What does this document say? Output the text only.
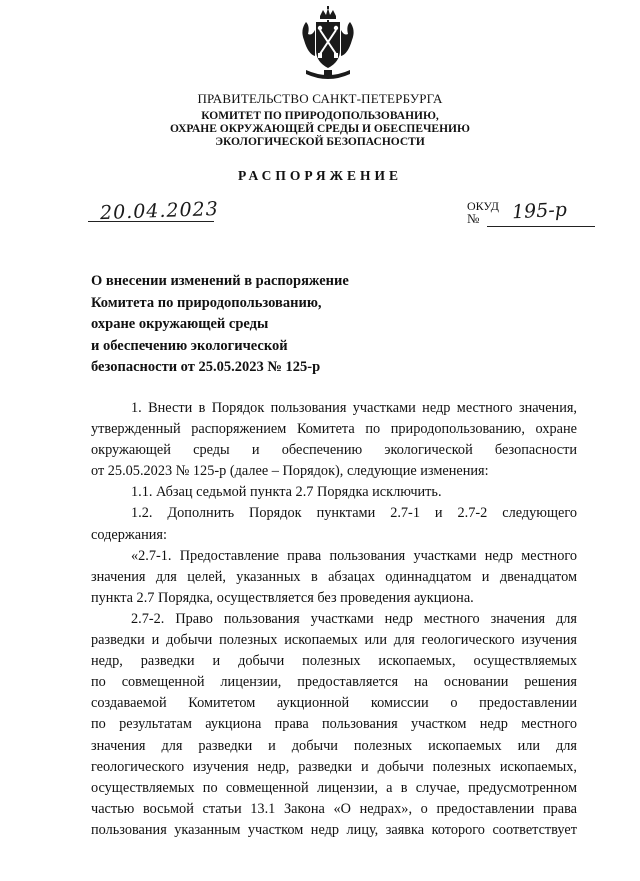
ПРАВИТЕЛЬСТВО САНКТ-ПЕТЕРБУРГА
КОМИТЕТ ПО ПРИРОДОПОЛЬЗОВАНИЮ,
ОХРАНЕ ОКРУЖАЮЩЕЙ СРЕДЫ И ОБЕСПЕЧЕНИЮ
ЭКОЛОГИЧЕСКОЙ БЕЗОПАСНОСТИ
РАСПОРЯЖЕНИЕ
20.04.2023	ОКУД
№ 195-р
О внесении изменений в распоряжение
Комитета по природопользованию,
охране окружающей среды
и обеспечению экологической
безопасности от 25.05.2023 № 125-р

1. Внести в Порядок пользования участками недр местного значения,

утвержденный распоряжением Комитета по природопользованию, охране

окружающей среды и обеспечению экологической безопасности

от 25.05.2023 № 125-р (далее – Порядок), следующие изменения:

1.1. Абзац седьмой пункта 2.7 Порядка исключить.

1.2. Дополнить Порядок пунктами 2.7-1 и 2.7-2 следующего

содержания:

«2.7-1. Предоставление права пользования участками недр местного

значения для целей, указанных в абзацах одиннадцатом и двенадцатом

пункта 2.7 Порядка, осуществляется без проведения аукциона.

2.7-2. Право пользования участками недр местного значения для

разведки и добычи полезных ископаемых или для геологического изучения

недр, разведки и добычи полезных ископаемых, осуществляемых

по совмещенной лицензии, предоставляется на основании решения

создаваемой Комитетом аукционной комиссии о предоставлении

по результатам аукциона права пользования участком недр местного

значения для разведки и добычи полезных ископаемых или для

геологического изучения недр, разведки и добычи полезных ископаемых,

осуществляемых по совмещенной лицензии, а в случае, предусмотренном

частью восьмой статьи 13.1 Закона «О недрах», о предоставлении права

пользования указанным участком недр лицу, заявка которого соответствует
